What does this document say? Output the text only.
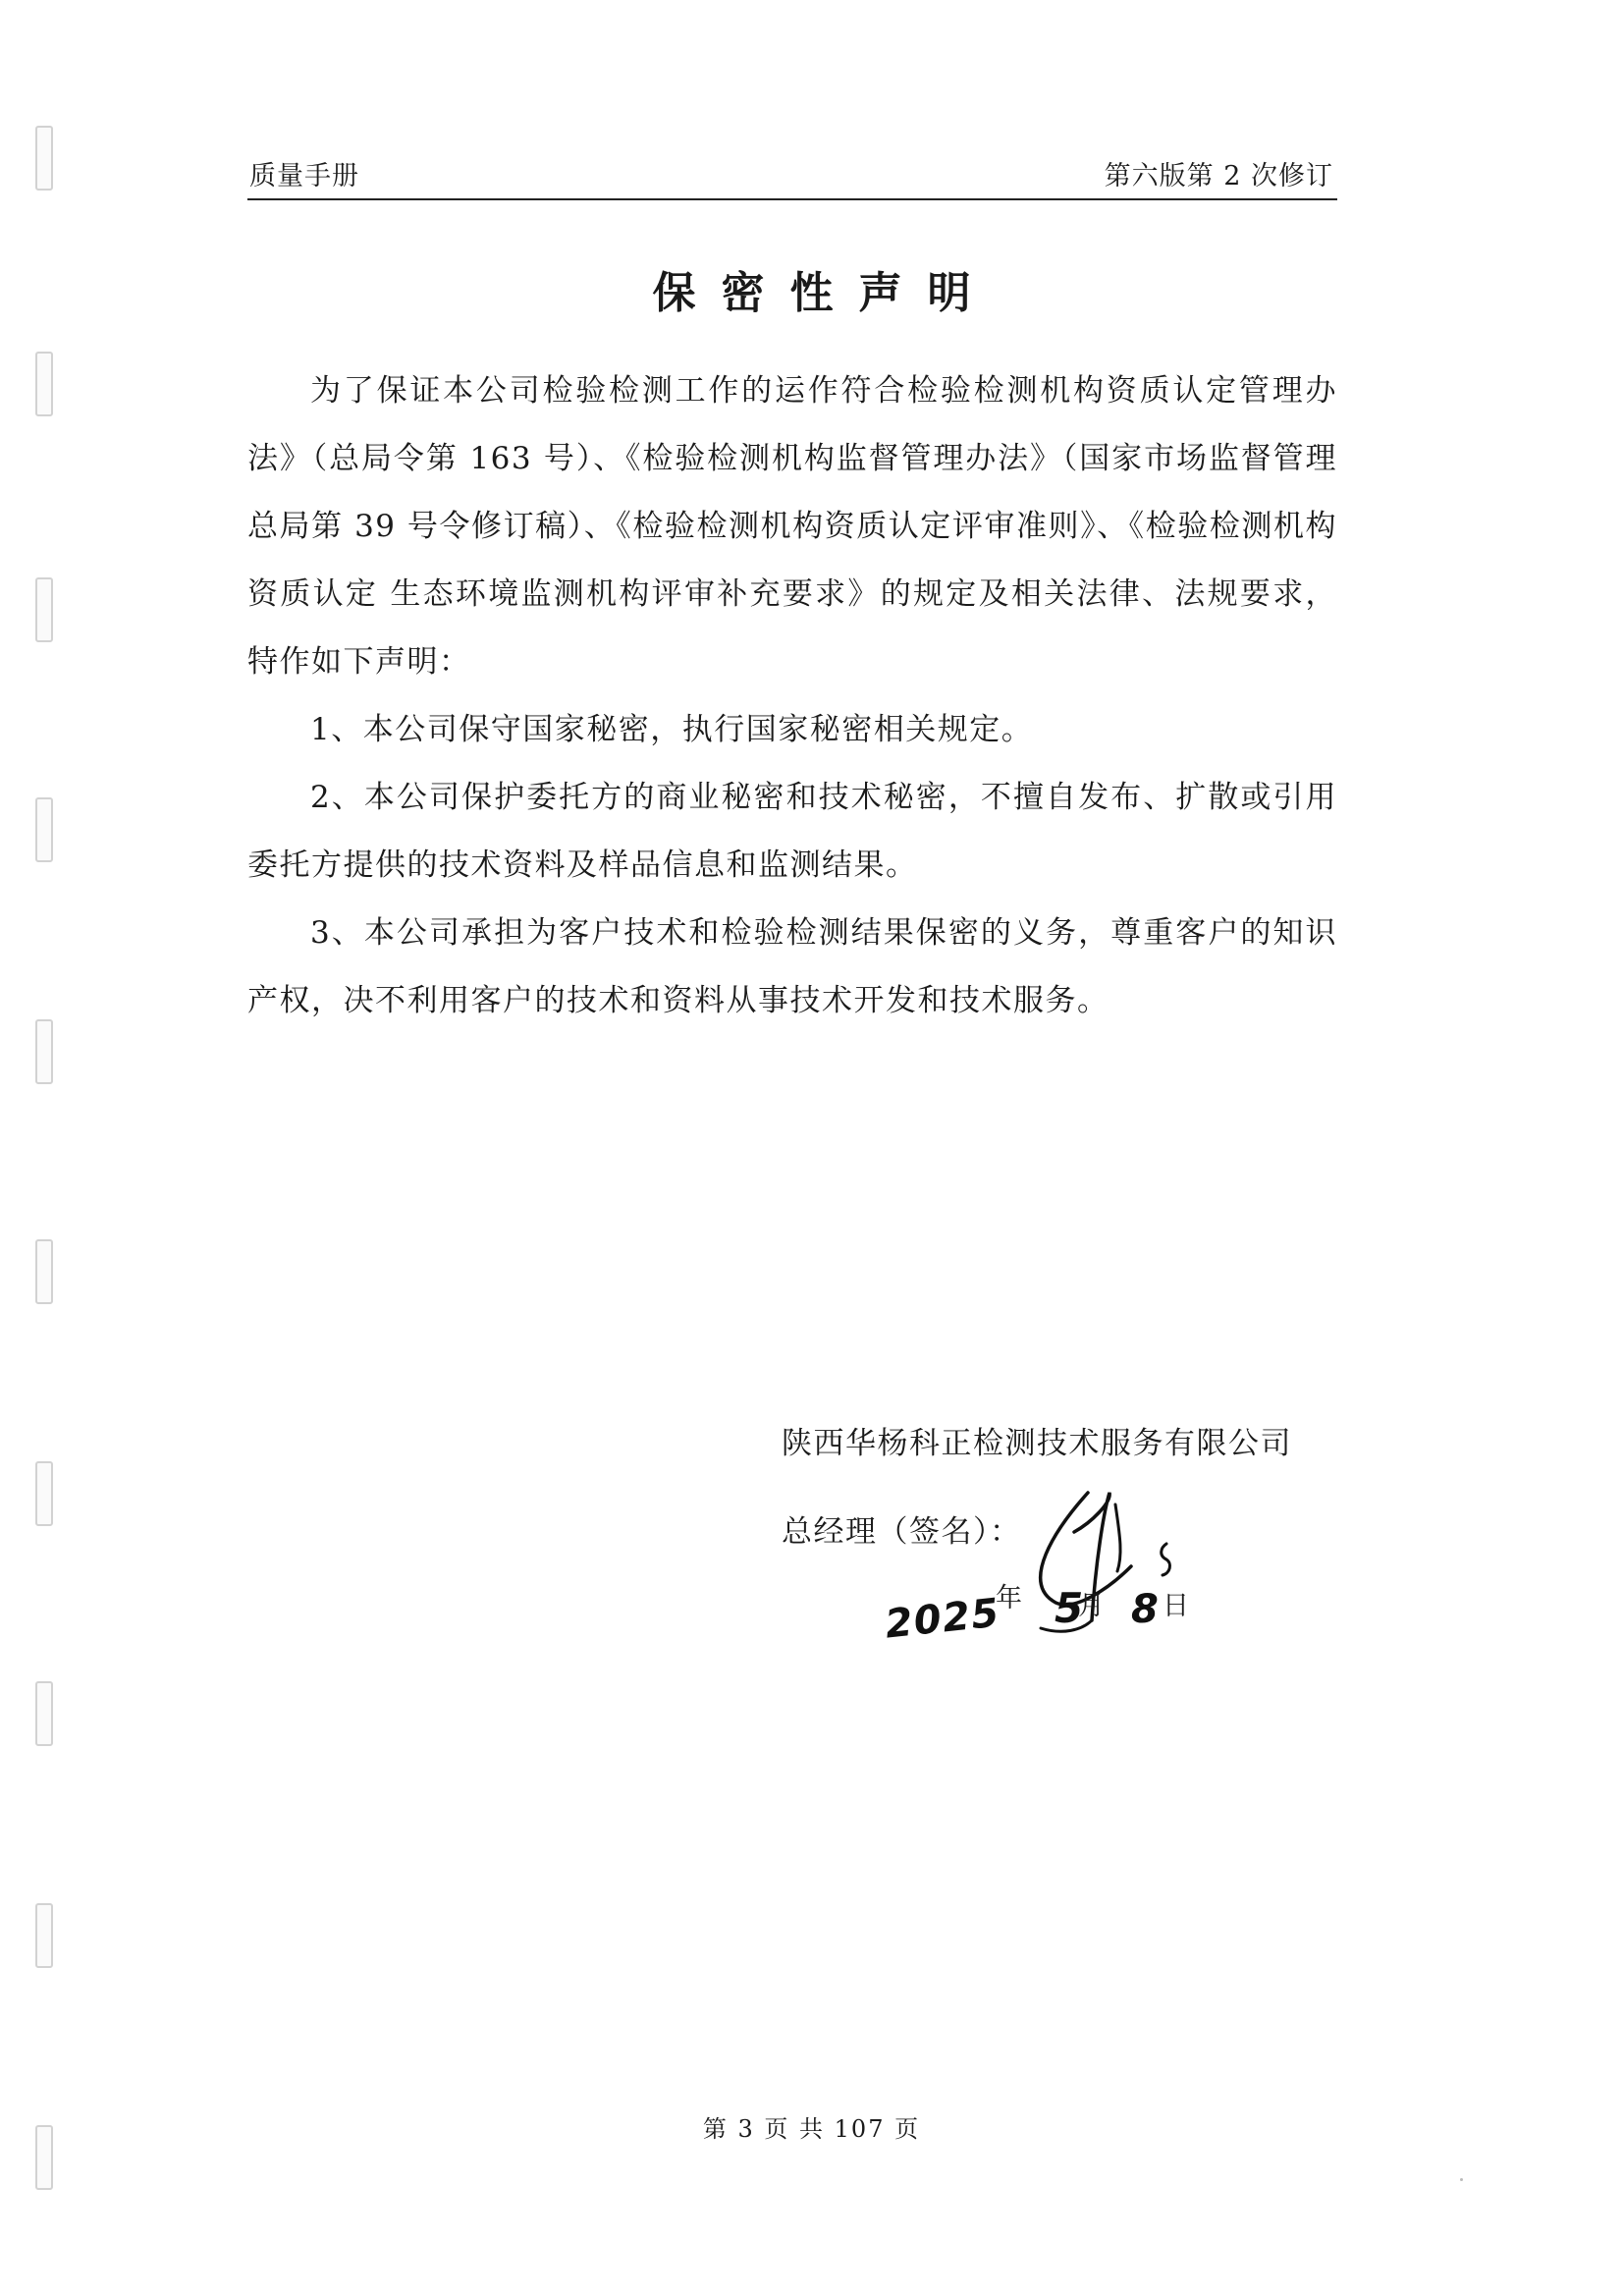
质量手册	第六版第 2 次修订
保密性声明

为了保证本公司检验检测工作的运作符合检验检测机构资质认定管理办法》（总局令第 163 号）、《检验检测机构监督管理办法》（国家市场监督管理总局第 39 号令修订稿）、《检验检测机构资质认定评审准则》、《检验检测机构资质认定 生态环境监测机构评审补充要求》的规定及相关法律、法规要求，特作如下声明：

1、本公司保守国家秘密，执行国家秘密相关规定。

2、本公司保护委托方的商业秘密和技术秘密，不擅自发布、扩散或引用委托方提供的技术资料及样品信息和监测结果。

3、本公司承担为客户技术和检验检测结果保密的义务，尊重客户的知识产权，决不利用客户的技术和资料从事技术开发和技术服务。

陕西华杨科正检测技术服务有限公司
总经理（签名）：
2025
年 5
月 8 日
第 3 页 共 107 页
